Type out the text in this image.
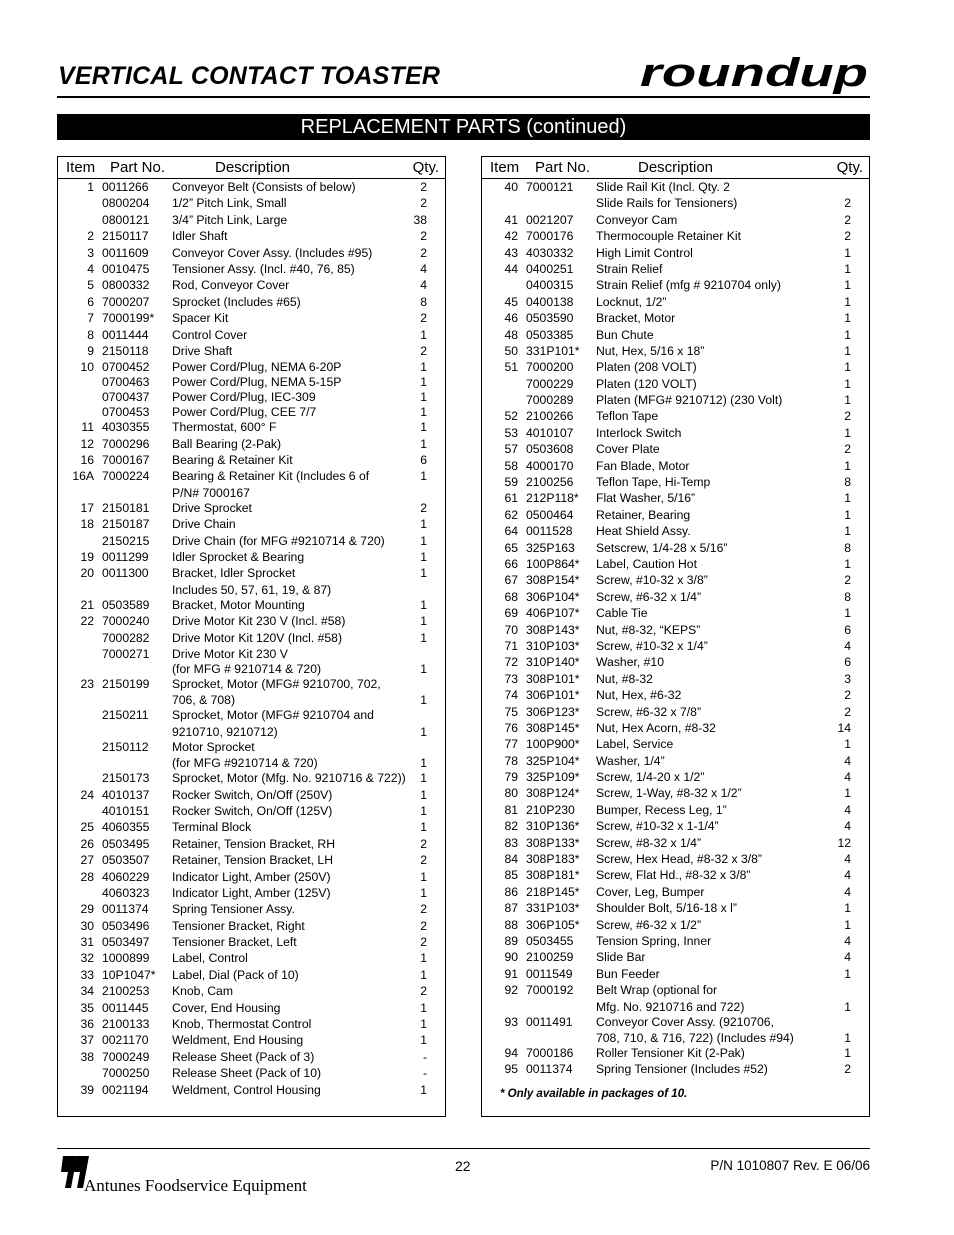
VERTICAL CONTACT TOASTER	roundup
REPLACEMENT PARTS (continued)
Item Part No.	Description	Qty.
1 0011266 Conveyor Belt (Consists of below)	2
0800204 1/2” Pitch Link, Small	2
0800121 3/4” Pitch Link, Large	38
2 2150117 Idler Shaft	2
3 0011609 Conveyor Cover Assy. (Includes #95)	2
4 0010475 Tensioner Assy. (Incl. #40, 76, 85)	4
5 0800332 Rod, Conveyor Cover	4
6 7000207 Sprocket (Includes #65)	8
7 7000199* Spacer Kit	2
8 0011444 Control Cover	1
9 2150118 Drive Shaft	2
10 0700452 Power Cord/Plug, NEMA 6-20P	1
0700463 Power Cord/Plug, NEMA 5-15P	1
0700437 Power Cord/Plug, IEC-309	1
0700453 Power Cord/Plug, CEE 7/7	1
11 4030355 Thermostat, 600° F	1
12 7000296 Ball Bearing (2-Pak)	1
16 7000167 Bearing & Retainer Kit	6
16A 7000224 Bearing & Retainer Kit (Includes 6 of	1
P/N# 7000167
17 2150181 Drive Sprocket	2
18 2150187 Drive Chain	1
2150215 Drive Chain (for MFG #9210714 & 720)	1
19 0011299 Idler Sprocket & Bearing	1
20 0011300 Bracket, Idler Sprocket	1
Includes 50, 57, 61, 19, & 87)
21 0503589 Bracket, Motor Mounting	1
22 7000240 Drive Motor Kit 230 V (Incl. #58)	1
7000282 Drive Motor Kit 120V (Incl. #58)	1
7000271 Drive Motor Kit 230 V
(for MFG # 9210714 & 720)	1
23 2150199 Sprocket, Motor (MFG# 9210700, 702,
706, & 708)	1
2150211 Sprocket, Motor (MFG# 9210704 and
9210710, 9210712)	1
2150112 Motor Sprocket
(for MFG #9210714 & 720)	1
2150173 Sprocket, Motor (Mfg. No. 9210716 & 722))	1
24 4010137 Rocker Switch, On/Off (250V)	1
4010151 Rocker Switch, On/Off (125V)	1
25 4060355 Terminal Block	1
26 0503495 Retainer, Tension Bracket, RH	2
27 0503507 Retainer, Tension Bracket, LH	2
28 4060229 Indicator Light, Amber (250V)	1
4060323 Indicator Light, Amber (125V)	1
29 0011374 Spring Tensioner Assy.	2
30 0503496 Tensioner Bracket, Right	2
31 0503497 Tensioner Bracket, Left	2
32 1000899 Label, Control	1
33 10P1047* Label, Dial (Pack of 10)	1
34 2100253 Knob, Cam	2
35 0011445 Cover, End Housing	1
36 2100133 Knob, Thermostat Control	1
37 0021170 Weldment, End Housing	1
38 7000249 Release Sheet (Pack of 3)	-
7000250 Release Sheet (Pack of 10)	-
39 0021194 Weldment, Control Housing	1
Item Part No.	Description	Qty.
40 7000121 Slide Rail Kit (Incl. Qty. 2
Slide Rails for Tensioners)	2
41 0021207 Conveyor Cam	2
42 7000176 Thermocouple Retainer Kit	2
43 4030332 High Limit Control	1
44 0400251 Strain Relief	1
0400315 Strain Relief (mfg # 9210704 only)	1
45 0400138 Locknut, 1/2”	1
46 0503590 Bracket, Motor	1
48 0503385 Bun Chute	1
50 331P101* Nut, Hex, 5/16 x 18”	1
51 7000200 Platen (208 VOLT)	1
7000229 Platen (120 VOLT)	1
7000289 Platen (MFG# 9210712) (230 Volt)	1
52 2100266 Teflon Tape	2
53 4010107 Interlock Switch	1
57 0503608 Cover Plate	2
58 4000170 Fan Blade, Motor	1
59 2100256 Teflon Tape, Hi-Temp	8
61 212P118* Flat Washer, 5/16”	1
62 0500464 Retainer, Bearing	1
64 0011528 Heat Shield Assy.	1
65 325P163 Setscrew, 1/4-28 x 5/16”	8
66 100P864* Label, Caution Hot	1
67 308P154* Screw, #10-32 x 3/8”	2
68 306P104* Screw, #6-32 x 1/4”	8
69 406P107* Cable Tie	1
70 308P143* Nut, #8-32, “KEPS”	6
71 310P103* Screw, #10-32 x 1/4”	4
72 310P140* Washer, #10	6
73 308P101* Nut, #8-32	3
74 306P101* Nut, Hex, #6-32	2
75 306P123* Screw, #6-32 x 7/8”	2
76 308P145* Nut, Hex Acorn, #8-32	14
77 100P900* Label, Service	1
78 325P104* Washer, 1/4”	4
79 325P109* Screw, 1/4-20 x 1/2”	4
80 308P124* Screw, 1-Way, #8-32 x 1/2”	1
81 210P230 Bumper, Recess Leg, 1”	4
82 310P136* Screw, #10-32 x 1-1/4”	4
83 308P133* Screw, #8-32 x 1/4”	12
84 308P183* Screw, Hex Head, #8-32 x 3/8”	4
85 308P181* Screw, Flat Hd., #8-32 x 3/8”	4
86 218P145* Cover, Leg, Bumper	4
87 331P103* Shoulder Bolt, 5/16-18 x l”	1
88 306P105* Screw, #6-32 x 1/2”	1
89 0503455 Tension Spring, Inner	4
90 2100259 Slide Bar	4
91 0011549 Bun Feeder	1
92 7000192 Belt Wrap (optional for
Mfg. No. 9210716 and 722)	1
93 0011491 Conveyor Cover Assy. (9210706,
708, 710, & 716, 722) (Includes #94)	1
94 7000186 Roller Tensioner Kit (2-Pak)	1
95 0011374 Spring Tensioner (Includes #52)	2
* Only available in packages of 10.
Antunes Foodservice Equipment
22	P/N 1010807 Rev. E 06/06
